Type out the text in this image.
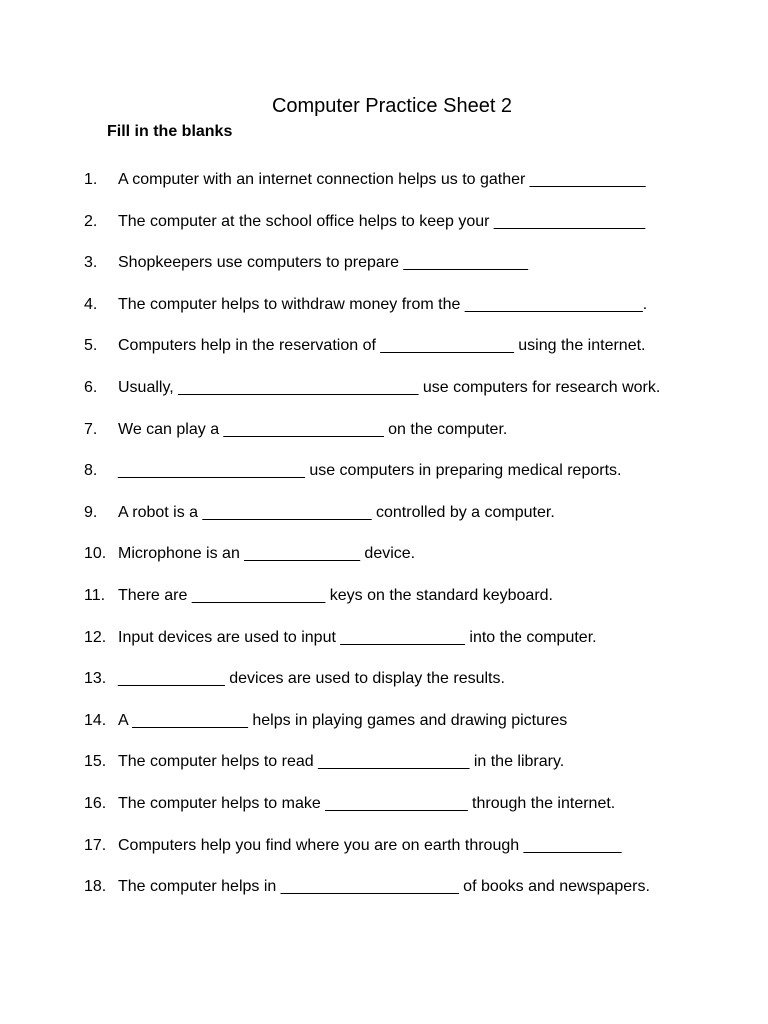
Computer Practice Sheet 2
Fill in the blanks
1. A computer with an internet connection helps us to gather _____________
2. The computer at the school office helps to keep your _________________
3. Shopkeepers use computers to prepare ______________
4. The computer helps to withdraw money from the ____________________.
5. Computers help in the reservation of _______________ using the internet.
6. Usually, ___________________________ use computers for research work.
7. We can play a __________________ on the computer.
8. _____________________ use computers in preparing medical reports.
9. A robot is a ___________________ controlled by a computer.
10. Microphone is an _____________ device.
11. There are _______________ keys on the standard keyboard.
12. Input devices are used to input ______________ into the computer.
13. ____________ devices are used to display the results.
14. A _____________ helps in playing games and drawing pictures
15. The computer helps to read _________________ in the library.
16. The computer helps to make ________________ through the internet.
17. Computers help you find where you are on earth through ___________
18. The computer helps in ____________________ of books and newspapers.
